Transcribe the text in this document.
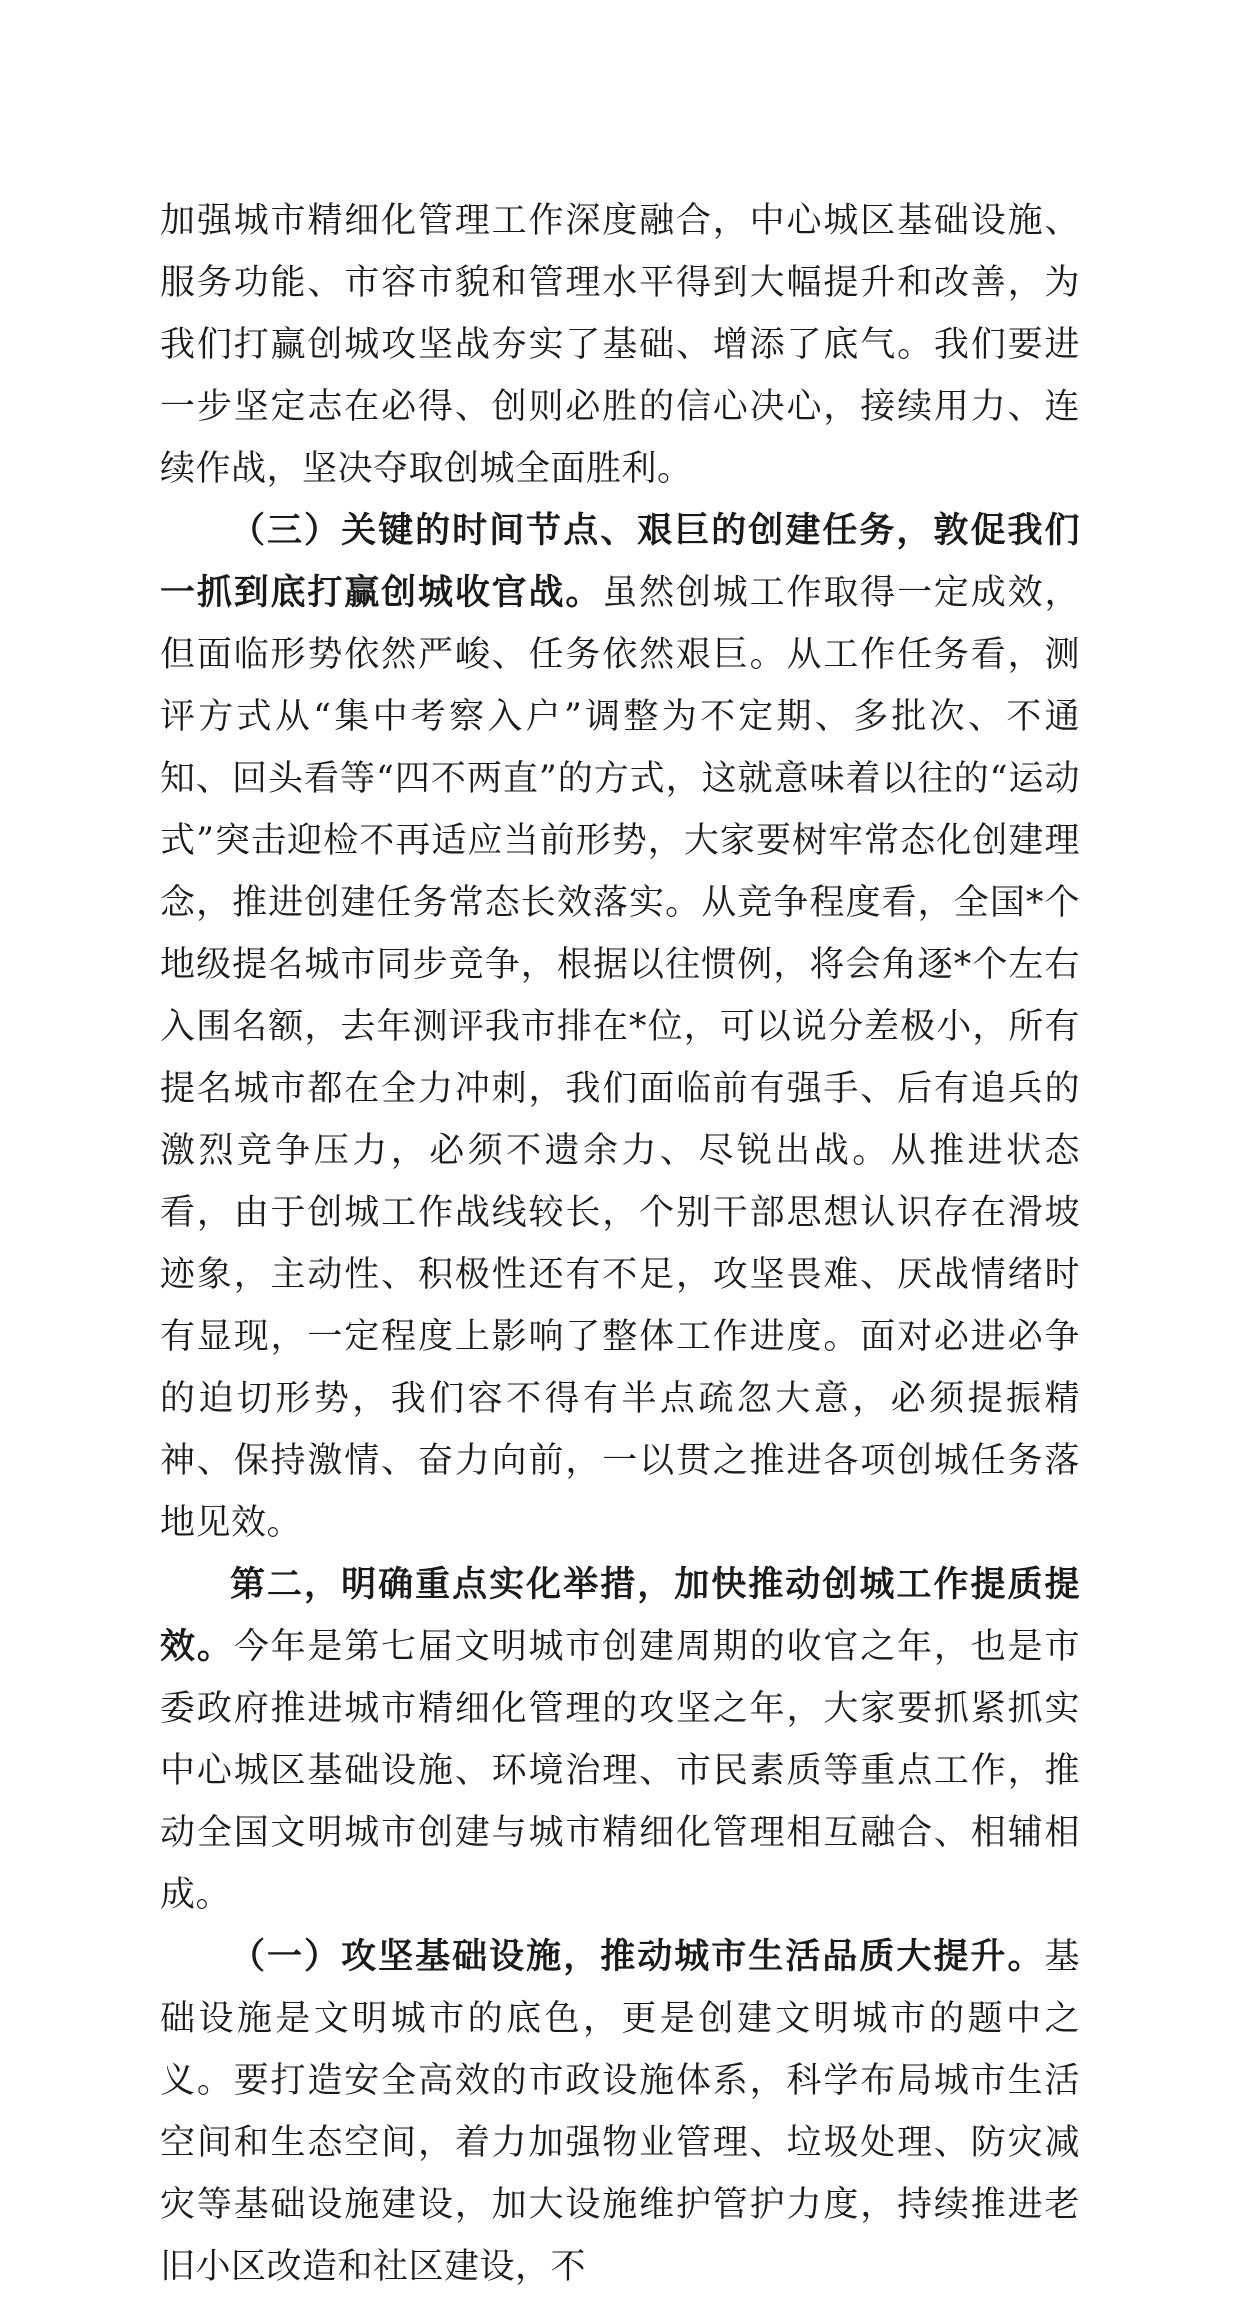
加强城市精细化管理工作深度融合，中心城区基础设施、服务功能、市容市貌和管理水平得到大幅提升和改善，为我们打赢创城攻坚战夯实了基础、增添了底气。我们要进一步坚定志在必得、创则必胜的信心决心，接续用力、连续作战，坚决夺取创城全面胜利。

（三）关键的时间节点、艰巨的创建任务，敦促我们一抓到底打赢创城收官战。虽然创城工作取得一定成效，但面临形势依然严峻、任务依然艰巨。从工作任务看，测评方式从“集中考察入户”调整为不定期、多批次、不通知、回头看等“四不两直”的方式，这就意味着以往的“运动式”突击迎检不再适应当前形势，大家要树牢常态化创建理念，推进创建任务常态长效落实。从竞争程度看，全国*个地级提名城市同步竞争，根据以往惯例，将会角逐*个左右入围名额，去年测评我市排在*位，可以说分差极小，所有提名城市都在全力冲刺，我们面临前有强手、后有追兵的激烈竞争压力，必须不遗余力、尽锐出战。从推进状态看，由于创城工作战线较长，个别干部思想认识存在滑坡迹象，主动性、积极性还有不足，攻坚畏难、厌战情绪时有显现，一定程度上影响了整体工作进度。面对必进必争的迫切形势，我们容不得有半点疏忽大意，必须提振精神、保持激情、奋力向前，一以贯之推进各项创城任务落地见效。

第二，明确重点实化举措，加快推动创城工作提质提效。今年是第七届文明城市创建周期的收官之年，也是市委政府推进城市精细化管理的攻坚之年，大家要抓紧抓实中心城区基础设施、环境治理、市民素质等重点工作，推动全国文明城市创建与城市精细化管理相互融合、相辅相成。

（一）攻坚基础设施，推动城市生活品质大提升。基础设施是文明城市的底色，更是创建文明城市的题中之义。要打造安全高效的市政设施体系，科学布局城市生活空间和生态空间，着力加强物业管理、垃圾处理、防灾减灾等基础设施建设，加大设施维护管护力度，持续推进老旧小区改造和社区建设，不
